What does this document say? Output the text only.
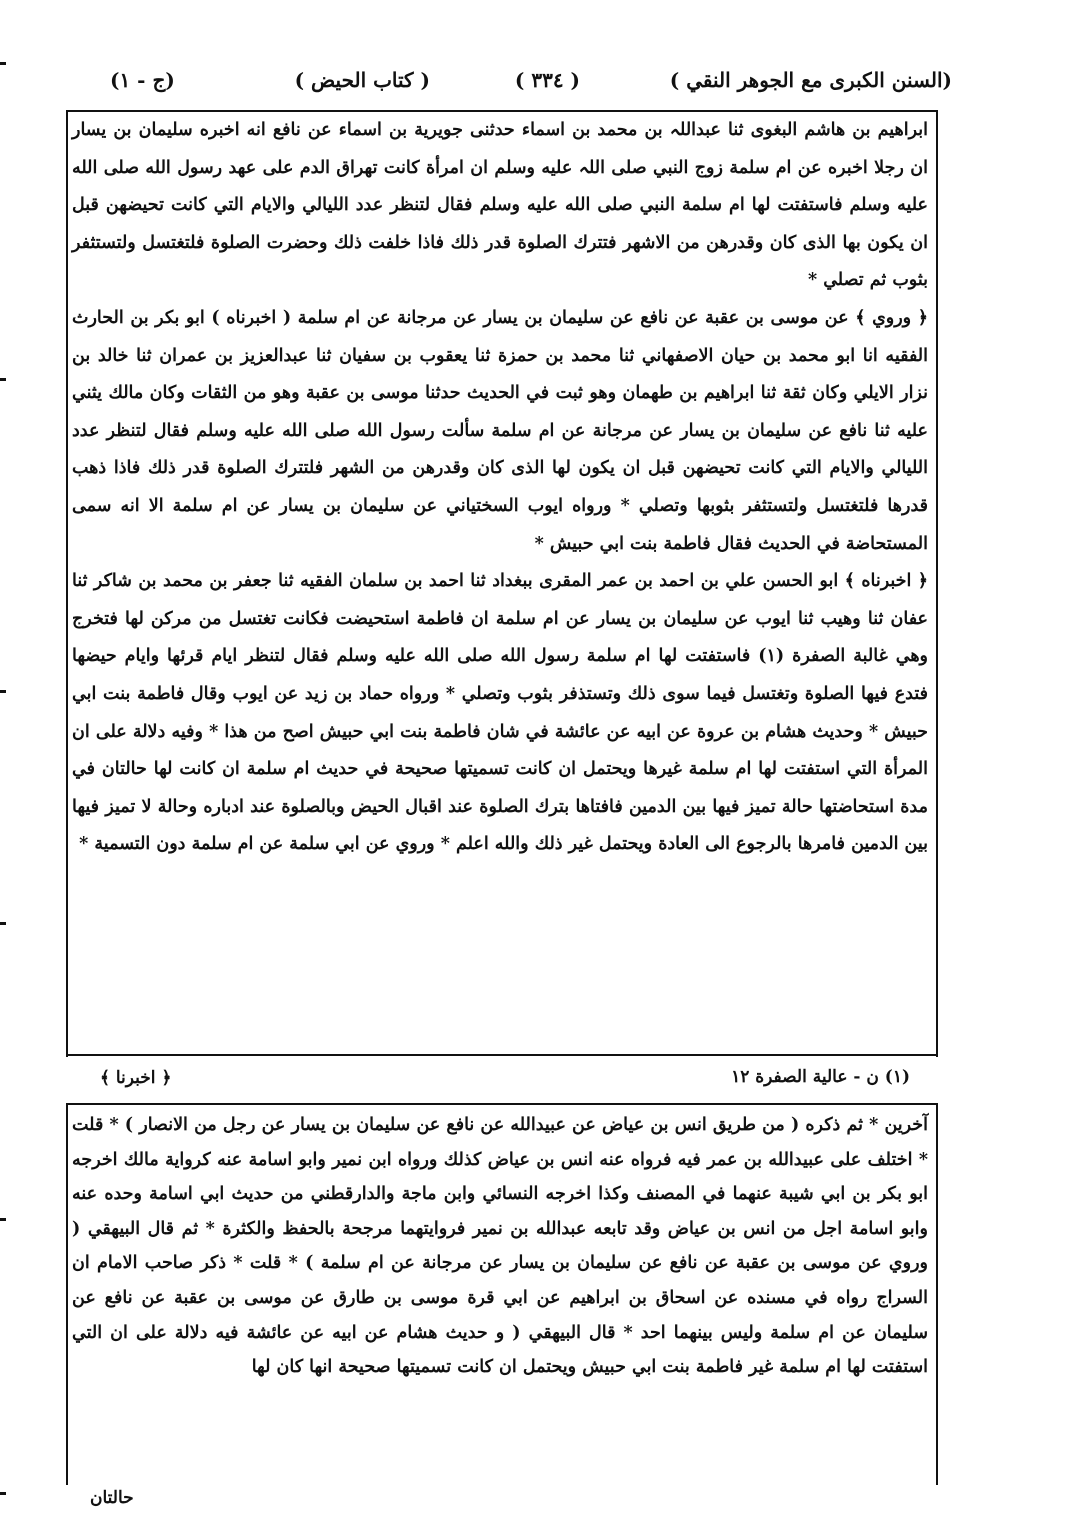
(السنن الكبرى مع الجوهر النقي )
( ٣٣٤ )
( كتاب الحيض )
(ج - ١)

ابراهيم بن هاشم البغوى ثنا عبداللہ بن محمد بن اسماء حدثنی جویرية بن اسماء عن نافع انه اخبره سليمان بن يسار ان رجلا اخبره عن ام سلمة زوج النبي صلى اللہ عليه وسلم ان امرأة كانت تهراق الدم على عهد رسول الله صلى الله عليه وسلم فاستفتت لها ام سلمة النبي صلى الله عليه وسلم فقال لتنظر عدد الليالي والايام التي كانت تحيضهن قبل ان يكون بها الذى كان وقدرهن من الاشهر فتترك الصلوة قدر ذلك فاذا خلفت ذلك وحضرت الصلوة فلتغتسل ولتستثفر بثوب ثم تصلي *

﴿ وروي ﴾ عن موسى بن عقبة عن نافع عن سليمان بن يسار عن مرجانة عن ام سلمة ( اخبرناه ) ابو بكر بن الحارث الفقيه انا ابو محمد بن حيان الاصفهاني ثنا محمد بن حمزة ثنا يعقوب بن سفيان ثنا عبدالعزيز بن عمران ثنا خالد بن نزار الايلي وكان ثقة ثنا ابراهيم بن طهمان وهو ثبت في الحديث حدثنا موسى بن عقبة وهو من الثقات وكان مالك يثني عليه ثنا نافع عن سليمان بن يسار عن مرجانة عن ام سلمة سألت رسول الله صلى الله عليه وسلم فقال لتنظر عدد الليالي والايام التي كانت تحيضهن قبل ان يكون لها الذى كان وقدرهن من الشهر فلتترك الصلوة قدر ذلك فاذا ذهب قدرها فلتغتسل ولتستثفر بثوبها وتصلي * ورواه ايوب السختياني عن سليمان بن يسار عن ام سلمة الا انه سمى المستحاضة في الحديث فقال فاطمة بنت ابي حبيش *

﴿ اخبرناه ﴾ ابو الحسن علي بن احمد بن عمر المقرى ببغداد ثنا احمد بن سلمان الفقيه ثنا جعفر بن محمد بن شاكر ثنا عفان ثنا وهيب ثنا ايوب عن سليمان بن يسار عن ام سلمة ان فاطمة استحيضت فكانت تغتسل من مركن لها فتخرج وهي غالبة الصفرة (١) فاستفتت لها ام سلمة رسول الله صلى الله عليه وسلم فقال لتنظر ايام قرئها وايام حيضها فتدع فيها الصلوة وتغتسل فيما سوى ذلك وتستذفر بثوب وتصلي * ورواه حماد بن زيد عن ايوب وقال فاطمة بنت ابي حبيش * وحديث هشام بن عروة عن ابيه عن عائشة في شان فاطمة بنت ابي حبيش اصح من هذا * وفيه دلالة على ان المرأة التي استفتت لها ام سلمة غيرها ويحتمل ان كانت تسميتها صحيحة في حديث ام سلمة ان كانت لها حالتان في مدة استحاضتها حالة تميز فيها بين الدمين فافتاها بترك الصلوة عند اقبال الحيض وبالصلوة عند ادباره وحالة لا تميز فيها بين الدمين فامرها بالرجوع الى العادة ويحتمل غير ذلك والله اعلم * وروي عن ابي سلمة عن ام سلمة دون التسمية *

(١) ن - عالية الصفرة ١٢
﴿ اخبرنا ﴾

آخرين * ثم ذكره ( من طريق انس بن عياض عن عبيدالله عن نافع عن سليمان بن يسار عن رجل من الانصار ) * قلت * اختلف على عبيدالله بن عمر فيه فرواه عنه انس بن عياض كذلك ورواه ابن نمير وابو اسامة عنه كرواية مالك اخرجه ابو بكر بن ابي شيبة عنهما في المصنف وكذا اخرجه النسائي وابن ماجة والدارقطني من حديث ابي اسامة وحده عنه وابو اسامة اجل من انس بن عياض وقد تابعه عبدالله بن نمير فروايتهما مرجحة بالحفظ والكثرة * ثم قال البيهقي ( وروي عن موسى بن عقبة عن نافع عن سليمان بن يسار عن مرجانة عن ام سلمة ) * قلت * ذكر صاحب الامام ان السراج رواه في مسنده عن اسحاق بن ابراهيم عن ابي قرة موسى بن طارق عن موسى بن عقبة عن نافع عن سليمان عن ام سلمة وليس بينهما احد * قال البيهقي ( و حديث هشام عن ابيه عن عائشة فيه دلالة على ان التي استفتت لها ام سلمة غير فاطمة بنت ابي حبيش ويحتمل ان كانت تسميتها صحيحة انها كان لها

حالتان
